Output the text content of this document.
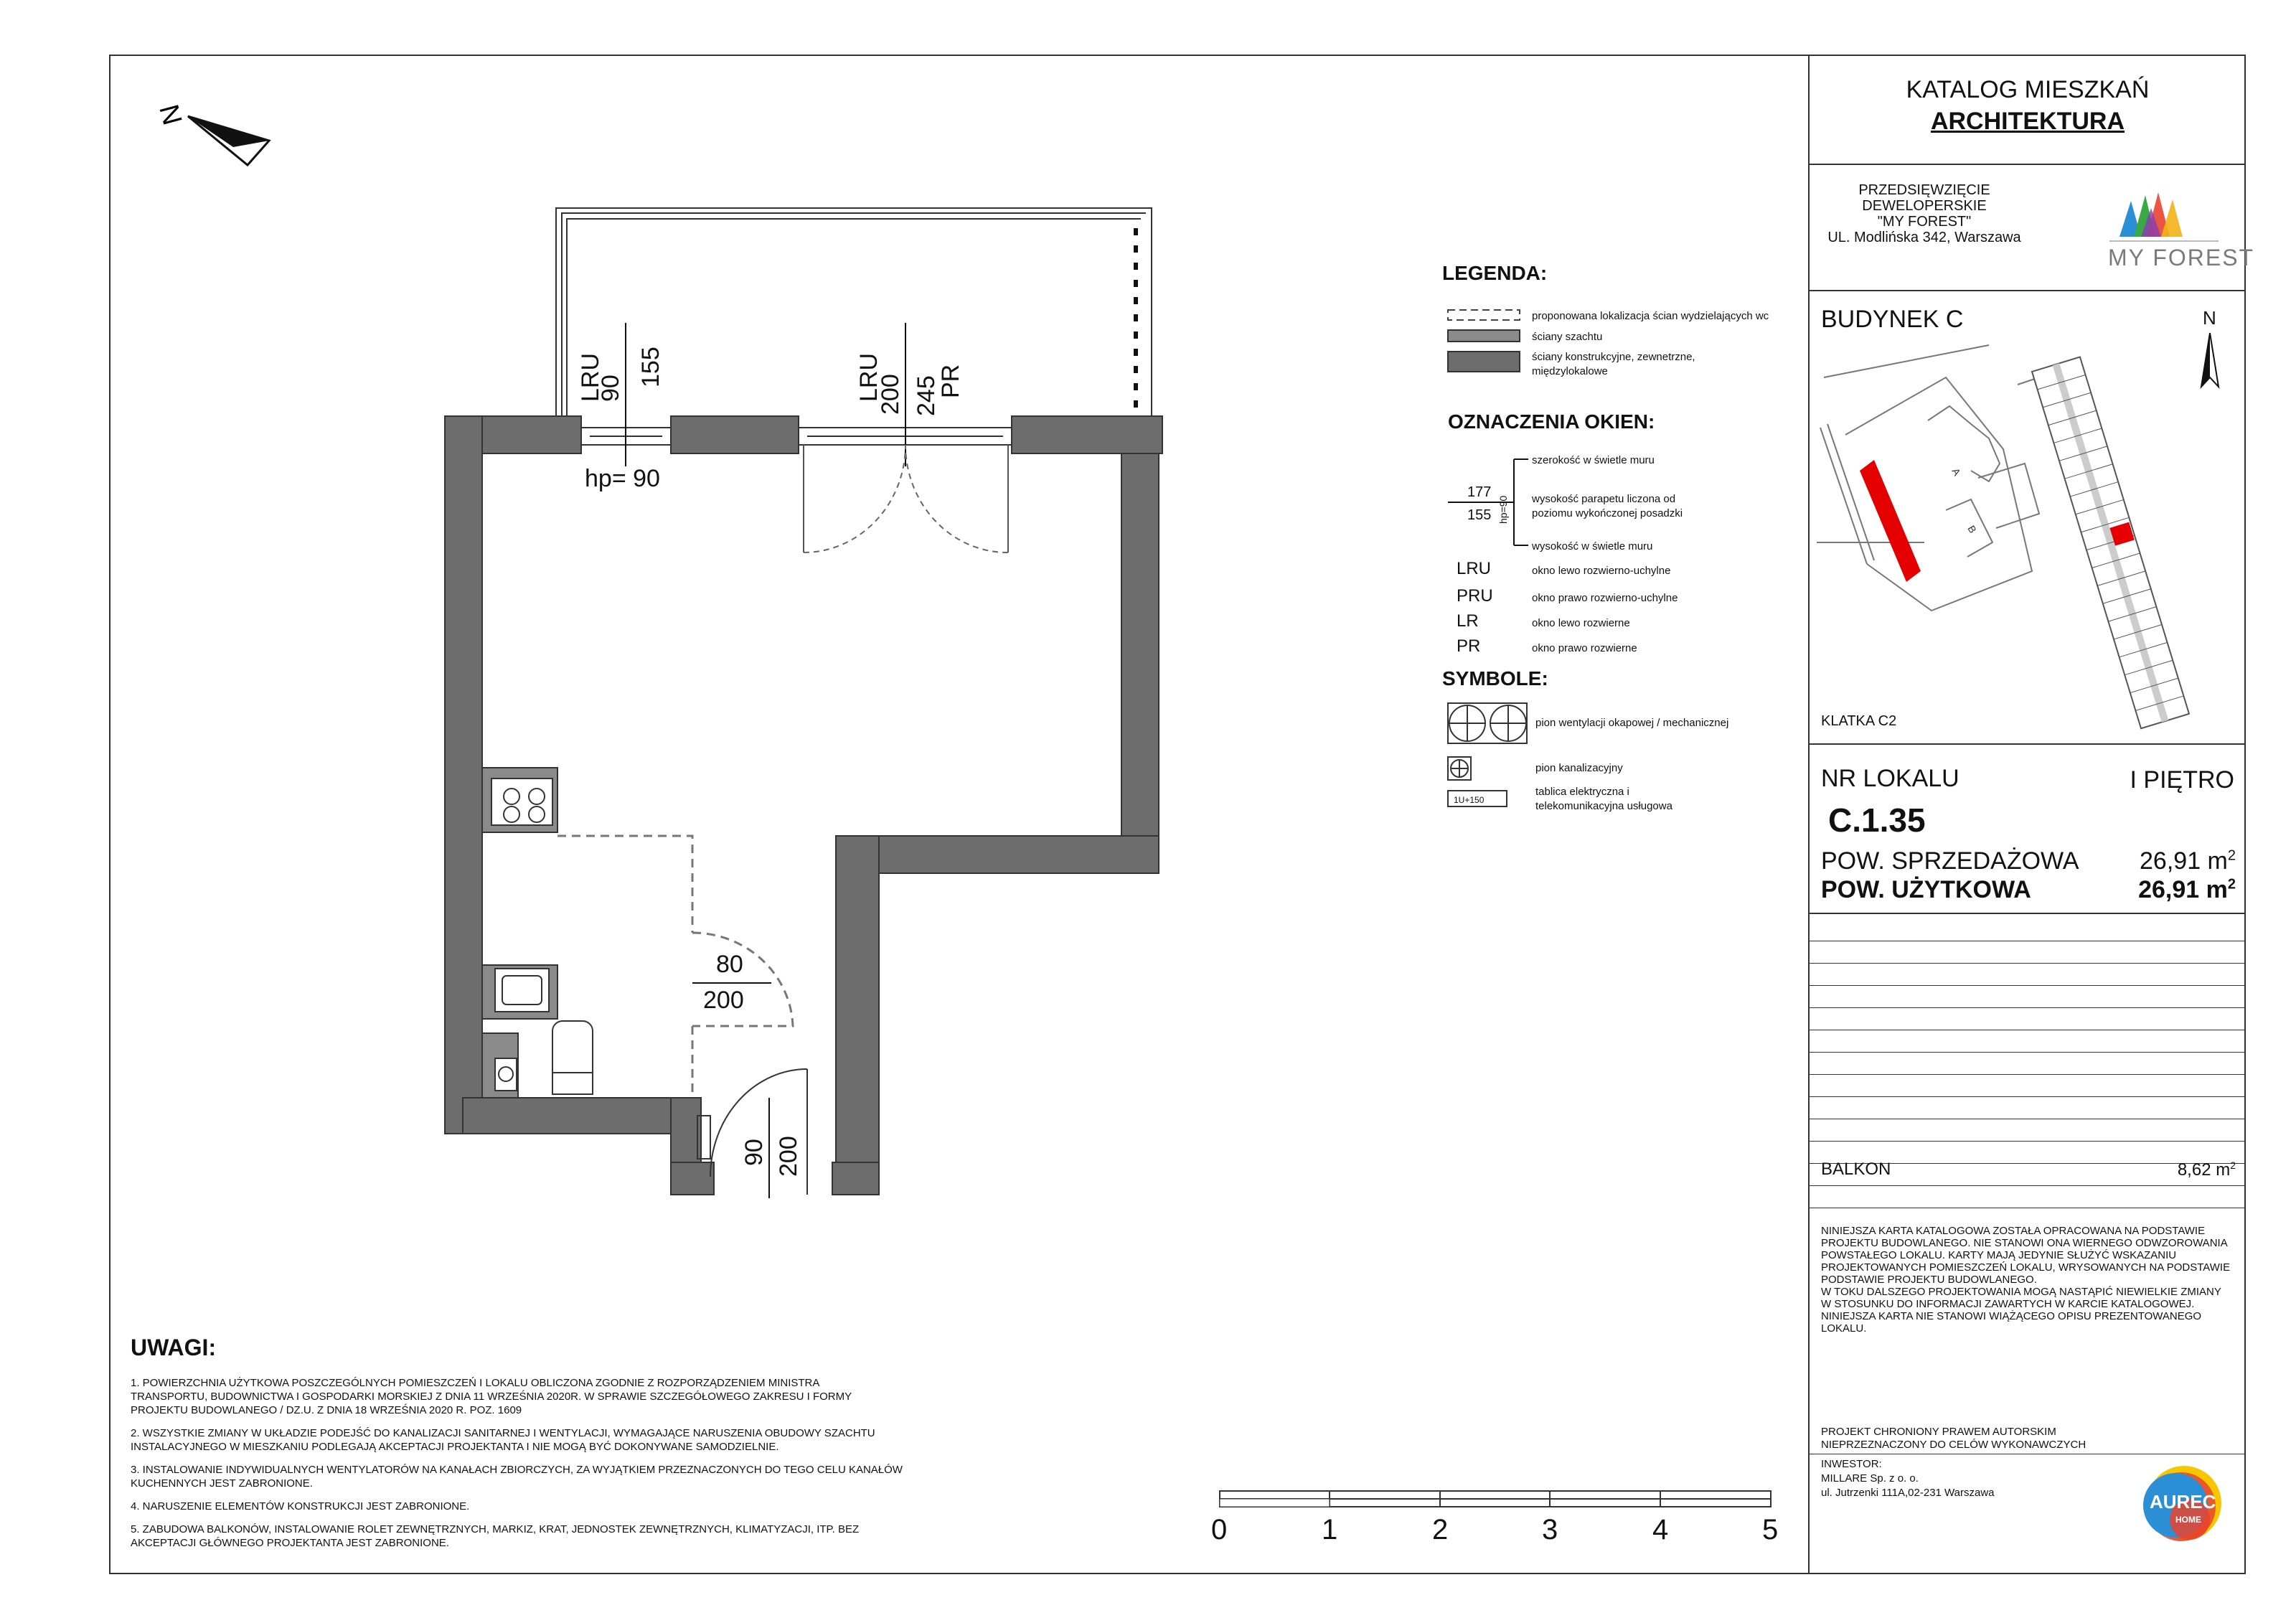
N
LRU
90
155
hp= 90
LRU
200 245
PR
80
200
90 200
LEGENDA:
proponowana lokalizacja ścian wydzielających wc
ściany szachtu
ściany konstrukcyjne, zewnetrzne,
międzylokalowe
OZNACZENIA OKIEN:
177
155 hp=90
szerokość w świetle muru
wysokość parapetu liczona od
poziomu wykończonej posadzki
wysokość w świetle muru
LRU	okno lewo rozwierno-uchylne
PRU	okno prawo rozwierno-uchylne
LR	okno lewo rozwierne
PR	okno prawo rozwierne
SYMBOLE:
pion wentylacji okapowej / mechanicznej
pion kanalizacyjny
1U+150
tablica elektryczna i
telekomunikacyjna usługowa
0	1	2	3	4	5
UWAGI:
1. POWIERZCHNIA UŻYTKOWA POSZCZEGÓLNYCH POMIESZCZEŃ I LOKALU OBLICZONA ZGODNIE Z ROZPORZĄDZENIEM MINISTRA
TRANSPORTU, BUDOWNICTWA I GOSPODARKI MORSKIEJ Z DNIA 11 WRZEŚNIA 2020R. W SPRAWIE SZCZEGÓŁOWEGO ZAKRESU I FORMY
PROJEKTU BUDOWLANEGO / DZ.U. Z DNIA 18 WRZEŚNIA 2020 R. POZ. 1609
2. WSZYSTKIE ZMIANY W UKŁADZIE PODEJŚĆ DO KANALIZACJI SANITARNEJ I WENTYLACJI, WYMAGAJĄCE NARUSZENIA OBUDOWY SZACHTU
INSTALACYJNEGO W MIESZKANIU PODLEGAJĄ AKCEPTACJI PROJEKTANTA I NIE MOGĄ BYĆ DOKONYWANE SAMODZIELNIE.
3. INSTALOWANIE INDYWIDUALNYCH WENTYLATORÓW NA KANAŁACH ZBIORCZYCH, ZA WYJĄTKIEM PRZEZNACZONYCH DO TEGO CELU KANAŁÓW
KUCHENNYCH JEST ZABRONIONE.
4. NARUSZENIE ELEMENTÓW KONSTRUKCJI JEST ZABRONIONE.
5. ZABUDOWA BALKONÓW, INSTALOWANIE ROLET ZEWNĘTRZNYCH, MARKIZ, KRAT, JEDNOSTEK ZEWNĘTRZNYCH, KLIMATYZACJI, ITP. BEZ
AKCEPTACJI GŁÓWNEGO PROJEKTANTA JEST ZABRONIONE.
KATALOG MIESZKAŃ
ARCHITEKTURA
PRZEDSIĘWZIĘCIE
DEWELOPERSKIE
"MY FOREST"
UL. Modlińska 342, Warszawa
MY FOREST
BUDYNEK C	N
A
B
KLATKA C2
NR LOKALU	I PIĘTRO
C.1.35
POW. SPRZEDAŻOWA 26,91 $m^2$
POW. UŻYTKOWA	26,91 $m^2$
BALKON	8,62 $m^2$
NINIEJSZA KARTA KATALOGOWA ZOSTAŁA OPRACOWANA NA PODSTAWIE
PROJEKTU BUDOWLANEGO. NIE STANOWI ONA WIERNEGO ODWZOROWANIA
POWSTAŁEGO LOKALU. KARTY MAJĄ JEDYNIE SŁUŻYĆ WSKAZANIU
PROJEKTOWANYCH POMIESZCZEŃ LOKALU, WRYSOWANYCH NA PODSTAWIE
PODSTAWIE PROJEKTU BUDOWLANEGO.
W TOKU DALSZEGO PROJEKTOWANIA MOGĄ NASTĄPIĆ NIEWIELKIE ZMIANY
W STOSUNKU DO INFORMACJI ZAWARTYCH W KARCIE KATALOGOWEJ.
NINIEJSZA KARTA NIE STANOWI WIĄŻĄCEGO OPISU PREZENTOWANEGO
LOKALU.
PROJEKT CHRONIONY PRAWEM AUTORSKIM
NIEPRZEZNACZONY DO CELÓW WYKONAWCZYCH
INWESTOR:
MILLARE Sp. z o. o.
ul. Jutrzenki 111A,02-231 Warszawa	AUREC
HOME
